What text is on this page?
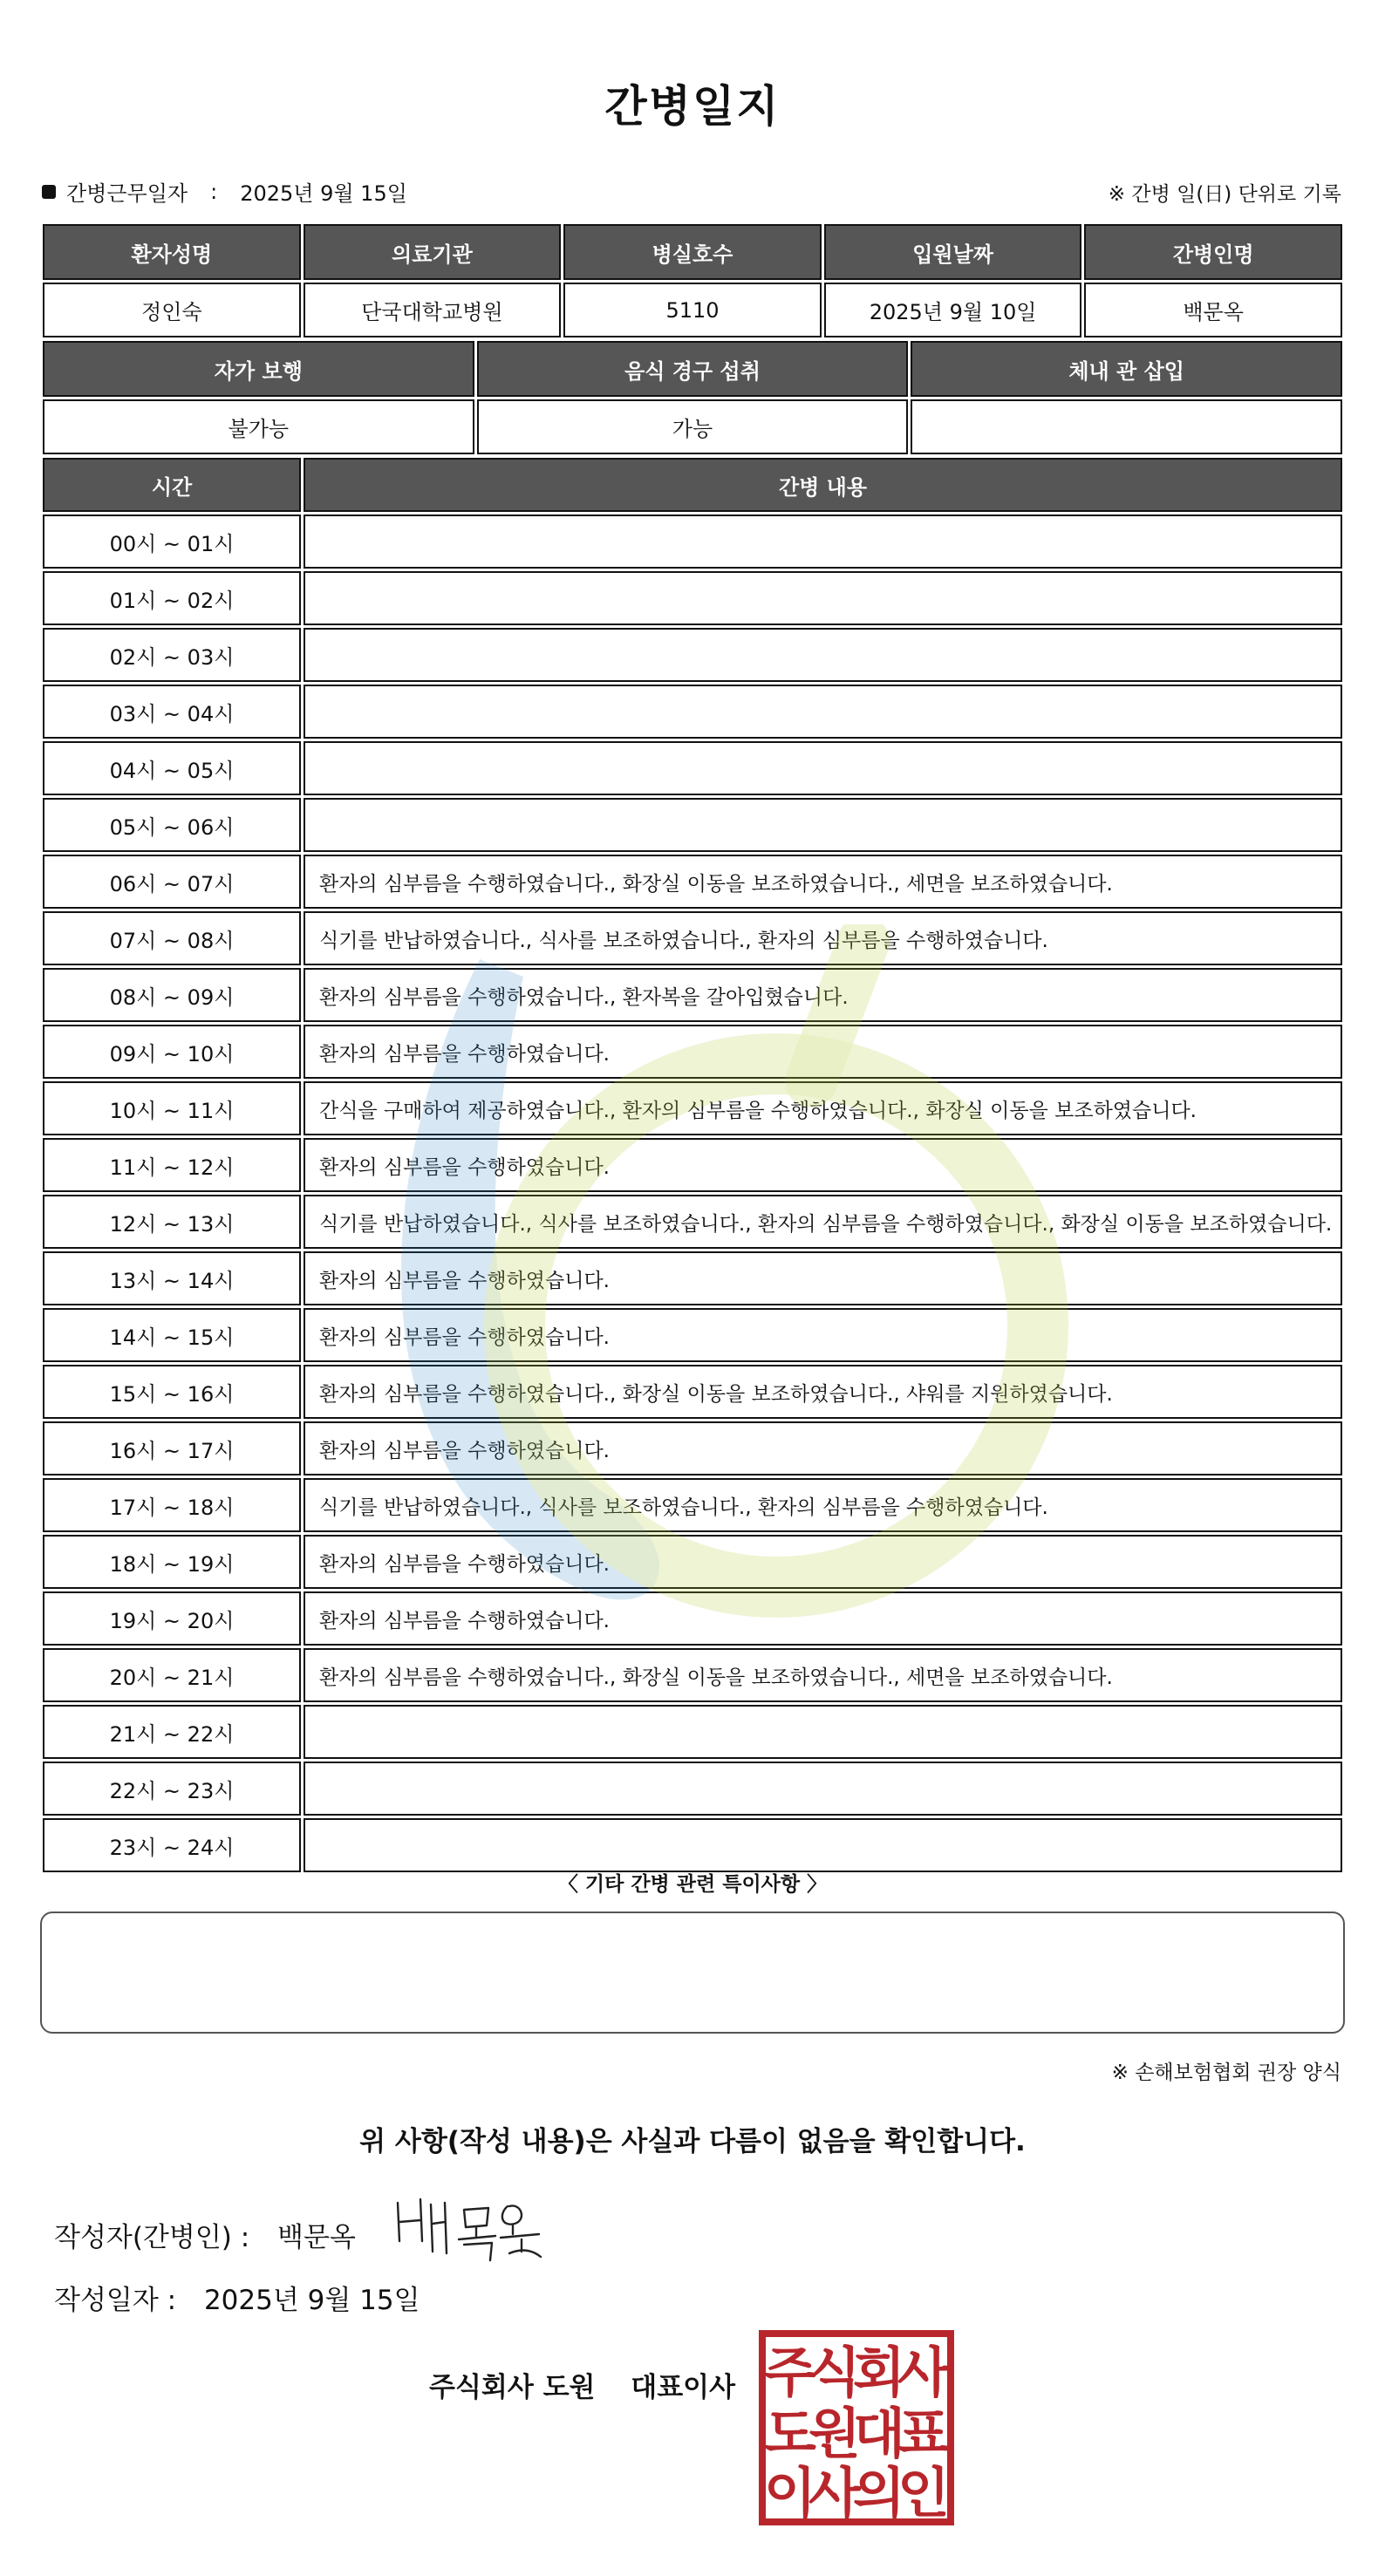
간병일지
간병근무일자 : 2025년 9월 15일	※ 간병 일(日) 단위로 기록
환자성명	의료기관	병실호수	입원날짜	간병인명
정인숙	단국대학교병원	5110	2025년 9월 10일	백문옥
자가 보행	음식 경구 섭취	체내 관 삽입
불가능	가능	
시간	간병 내용
00시 ~ 01시	
01시 ~ 02시	
02시 ~ 03시	
03시 ~ 04시	
04시 ~ 05시	
05시 ~ 06시	
06시 ~ 07시	환자의 심부름을 수행하였습니다., 화장실 이동을 보조하였습니다., 세면을 보조하였습니다.
07시 ~ 08시	식기를 반납하였습니다., 식사를 보조하였습니다., 환자의 심부름을 수행하였습니다.
08시 ~ 09시	환자의 심부름을 수행하였습니다., 환자복을 갈아입혔습니다.
09시 ~ 10시	환자의 심부름을 수행하였습니다.
10시 ~ 11시	간식을 구매하여 제공하였습니다., 환자의 심부름을 수행하였습니다., 화장실 이동을 보조하였습니다.
11시 ~ 12시	환자의 심부름을 수행하였습니다.
12시 ~ 13시	식기를 반납하였습니다., 식사를 보조하였습니다., 환자의 심부름을 수행하였습니다., 화장실 이동을 보조하였습니다.
13시 ~ 14시	환자의 심부름을 수행하였습니다.
14시 ~ 15시	환자의 심부름을 수행하였습니다.
15시 ~ 16시	환자의 심부름을 수행하였습니다., 화장실 이동을 보조하였습니다., 샤워를 지원하였습니다.
16시 ~ 17시	환자의 심부름을 수행하였습니다.
17시 ~ 18시	식기를 반납하였습니다., 식사를 보조하였습니다., 환자의 심부름을 수행하였습니다.
18시 ~ 19시	환자의 심부름을 수행하였습니다.
19시 ~ 20시	환자의 심부름을 수행하였습니다.
20시 ~ 21시	환자의 심부름을 수행하였습니다., 화장실 이동을 보조하였습니다., 세면을 보조하였습니다.
21시 ~ 22시	
22시 ~ 23시	
23시 ~ 24시	
〈 기타 간병 관련 특이사항 〉
※ 손해보험협회 권장 양식
위 사항(작성 내용)은 사실과 다름이 없음을 확인합니다.
작성자(간병인) : 백문옥
작성일자 : 2025년 9월 15일
주식회사 도원 대표이사 주
식
회
사
도
원
대
표
이
사
의
인
